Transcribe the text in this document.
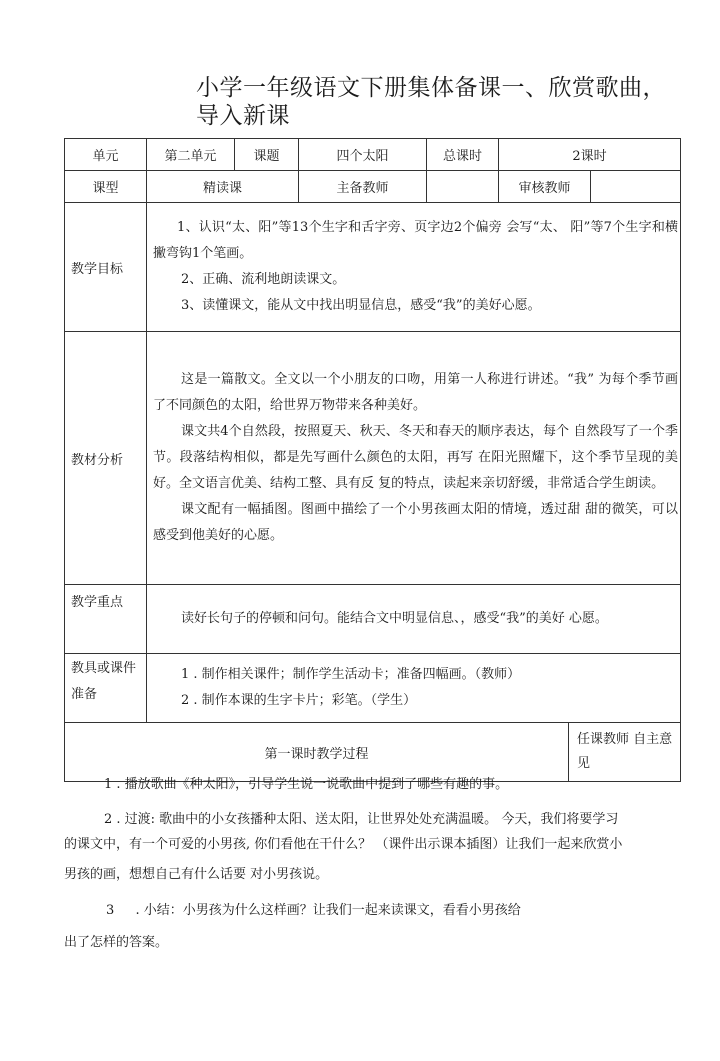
小学一年级语文下册集体备课一、欣赏歌曲，
导入新课
单元	第二单元	课题	四个太阳	总课时	2课时		
课型	精读课		主备教师		审核教师		
教学目标	1、认识“太、阳”等13个生字和舌字旁、页字边2个偏旁 会写“太、 阳”等7个生字和横撇弯钩1个笔画。

2、正确、流利地朗读课文。

3、读懂课文，能从文中找出明显信息，感受“我”的美好心愿。						

教材分析	这是一篇散文。全文以一个小朋友的口吻，用第一人称进行讲述。“我” 为每个季节画了不同颜色的太阳，给世界万物带来各种美好。

课文共4个自然段，按照夏天、秋天、冬天和春天的顺序表达，每个 自然段写了一个季节。段落结构相似，都是先写画什么颜色的太阳，再写 在阳光照耀下，这个季节呈现的美好。全文语言优美、结构工整、具有反 复的特点，读起来亲切舒缓，非常适合学生朗读。

课文配有一幅插图。图画中描绘了一个小男孩画太阳的情境，透过甜 甜的微笑，可以感受到他美好的心愿。						

教学重点	读好长句子的停顿和问句。能结合文中明显信息、，感受“我”的美好 心愿。						

教具或课件准备	1 . 制作相关课件；制作学生活动卡；准备四幅画。（教师）

2 . 制作本课的生字卡片；彩笔。（学生）						

第一课时教学过程						任课教师 自主意见	
1 . 播放歌曲《种太阳》，引导学生说一说歌曲中提到了哪些有趣的事。
2 . 过渡: 歌曲中的小女孩播种太阳、送太阳，让世界处处充满温暖。 今天，我们将要学习
的课文中，有一个可爱的小男孩, 你们看他在干什么？ （课件出示课本插图）让我们一起来欣赏小
男孩的画，想想自己有什么话要 对小男孩说。
3 　 . 小结：小男孩为什么这样画？让我们一起来读课文，看看小男孩给
出了怎样的答案。
